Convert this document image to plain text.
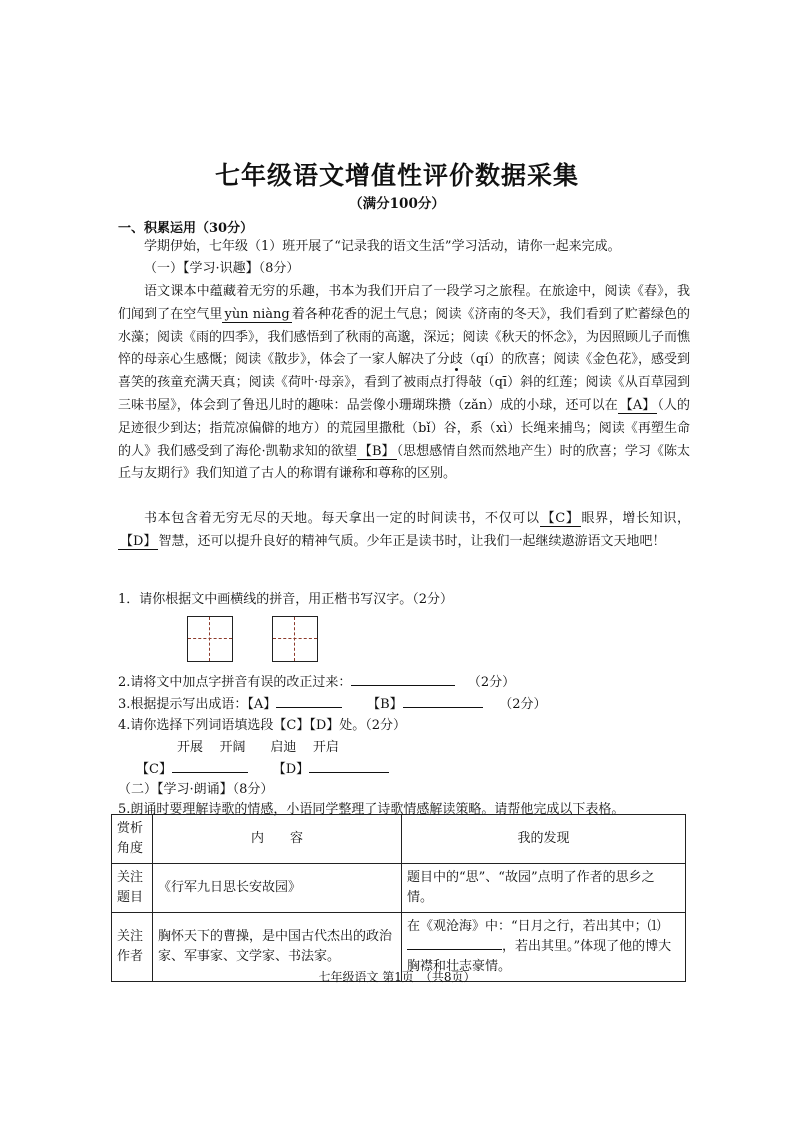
七年级语文增值性评价数据采集
（满分100分）
一、积累运用（30分）
学期伊始，七年级（1）班开展了“记录我的语文生活”学习活动，请你一起来完成。
（一）【学习·识趣】（8分）
语文课本中蕴藏着无穷的乐趣，书本为我们开启了一段学习之旅程。在旅途中，阅读《春》，我们闻到了在空气里 yùn niàng 着各种花香的泥土气息；阅读《济南的冬天》，我们看到了贮蓄绿色的水藻；阅读《雨的四季》，我们感悟到了秋雨的高邈，深远；阅读《秋天的怀念》，为因照顾儿子而憔悴的母亲心生感慨；阅读《散步》，体会了一家人解决了分歧（qí）的欣喜；阅读《金色花》，感受到喜笑的孩童充满天真；阅读《荷叶·母亲》，看到了被雨点打得敧（qī）斜的红莲；阅读《从百草园到三味书屋》，体会到了鲁迅儿时的趣味：品尝像小珊瑚珠攒（zǎn）成的小球，还可以在 【A】 （人的足迹很少到达；指荒凉偏僻的地方）的荒园里撒秕（bǐ）谷，系（xì）长绳来捕鸟；阅读《再塑生命的人》我们感受到了海伦·凯勒求知的欲望 【B】 （思想感情自然而然地产生）时的欣喜；学习《陈太丘与友期行》我们知道了古人的称谓有谦称和尊称的区别。
书本包含着无穷无尽的天地。每天拿出一定的时间读书，不仅可以 【C】 眼界，增长知识，【D】 智慧，还可以提升良好的精神气质。少年正是读书时，让我们一起继续遨游语文天地吧！
1．请你根据文中画横线的拼音，用正楷书写汉字。（2分）
2.请将文中加点字拼音有误的改正过来：	（2分）
3.根据提示写出成语：【A】	【B】	（2分）
4.请你选择下列词语填选段【C】【D】处。（2分）
开展 开阔 启迪 开启
【C】	【D】
（二）【学习·朗诵】（8分）
5.朗诵时要理解诗歌的情感，小语同学整理了诗歌情感解读策略。请帮他完成以下表格。
赏析角度	内　　容	我的发现
关注题目	《行军九日思长安故园》	题目中的“思”、“故园”点明了作者的思乡之情。
关注作者	胸怀天下的曹操，是中国古代杰出的政治家、军事家、文学家、书法家。	在《观沧海》中：“日月之行，若出其中；⑴，若出其里。”体现了他的博大胸襟和壮志豪情。
七年级语文 第1页　（共8页）
